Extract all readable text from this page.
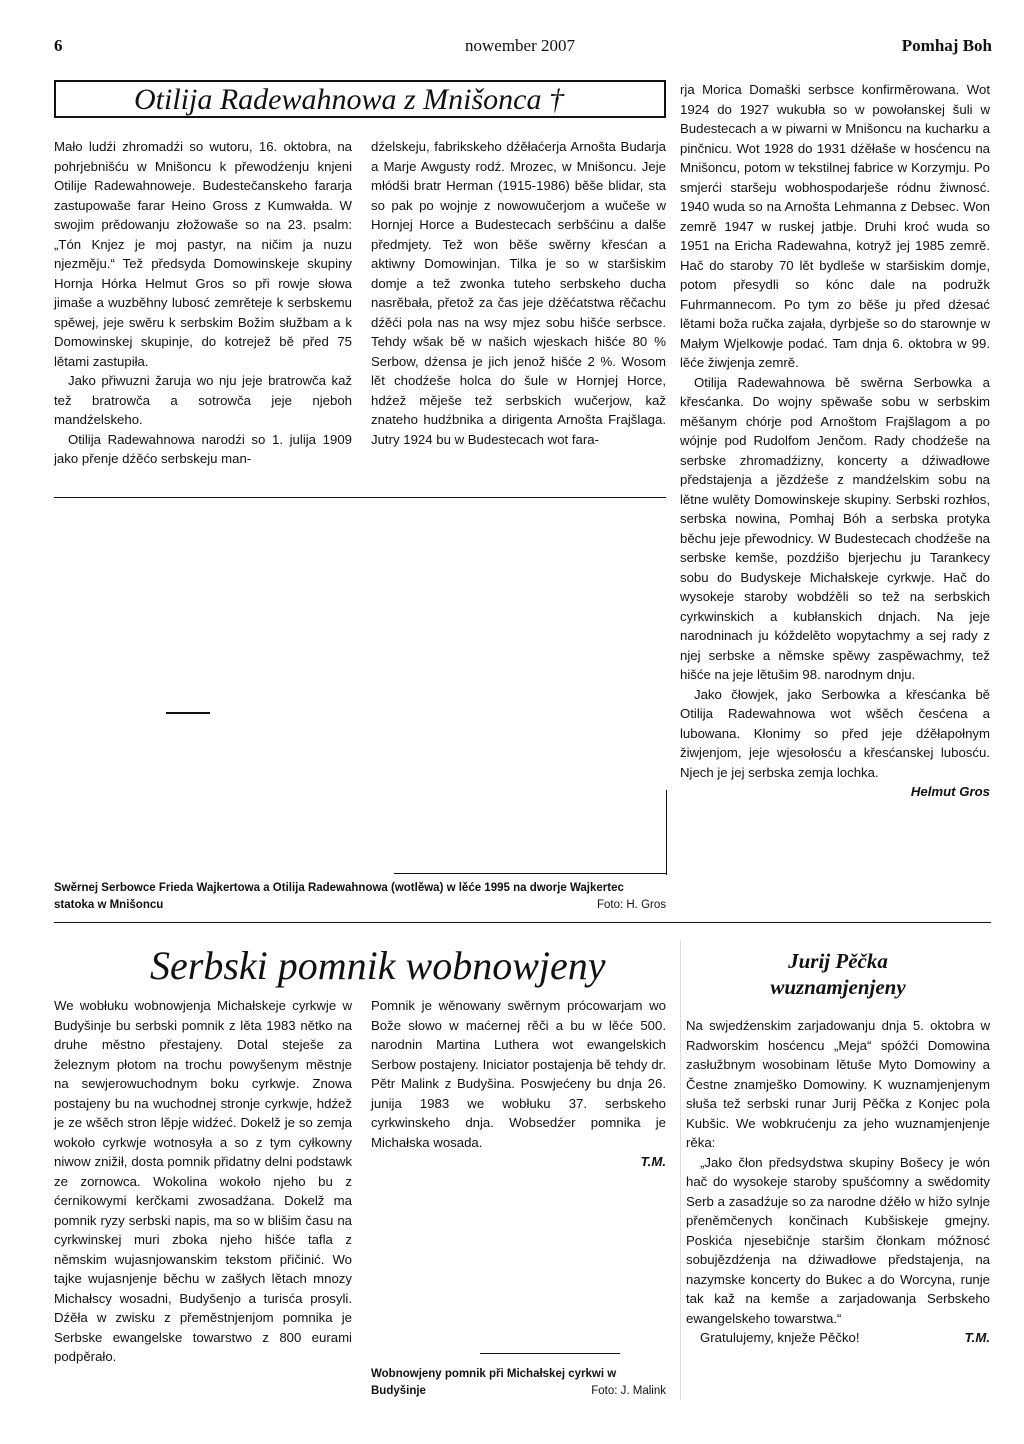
6	nowember 2007	Pomhaj Boh
Otilija Radewahnowa z Mnišonca †

Mało ludźi zhromadźi so wutoru, 16. oktobra, na pohrjebnišću w Mnišoncu k přewodźenju knjeni Otilije Radewahnoweje. Budestečanskeho fararja zastupowaše farar Heino Gross z Kumwałda. W swojim prědowanju złožowaše so na 23. psalm: „Tón Knjez je moj pastyr, na ničim ja nuzu njezměju.“ Tež předsyda Domowinskeje skupiny Hornja Hórka Helmut Gros so při rowje słowa jimaše a wuzběhny lubosć zemrěteje k serbskemu spěwej, jeje swěru k serbskim Božim słužbam a k Domowinskej skupinje, do kotrejež bě před 75 lětami zastupiła.

Jako přiwuzni žaruja wo nju jeje bratrowča kaž tež bratrowča a sotrowča jeje njeboh mandźelskeho.

Otilija Radewahnowa narodźi so 1. julija 1909 jako přenje dźěćo serbskeju man-

dźelskeju, fabrikskeho dźěłaćerja Arnošta Budarja a Marje Awgusty rodź. Mrozec, w Mnišoncu. Jeje młódši bratr Herman (1915-1986) běše blidar, sta so pak po wojnje z nowowučerjom a wučeše w Hornjej Horce a Budestecach serbšćinu a dalše předmjety. Tež won běše swěrny křesćan a aktiwny Domowinjan. Tilka je so w staršiskim domje a tež zwonka tuteho serbskeho ducha nasrěbała, přetož za čas jeje dźěćatstwa rěčachu dźěći pola nas na wsy mjez sobu hišće serbsce. Tehdy wšak bě w našich wjeskach hišće 80 % Serbow, dźensa je jich jenož hišće 2 %. Wosom lět chodźeše holca do šule w Hornjej Horce, hdźež měješe tež serbskich wučerjow, kaž znateho hudźbnika a dirigenta Arnošta Frajšlaga. Jutry 1924 bu w Budestecach wot fara-

Swěrnej Serbowce Frieda Wajkertowa a Otilija Radewahnowa (wotlěwa) w lěće 1995 na dworje Wajkertec statoka w Mnišoncu	Foto: H. Gros

rja Morica Domaški serbsce konfirměrowana. Wot 1924 do 1927 wukubła so w powołanskej šuli w Budestecach a w piwarni w Mnišoncu na kucharku a pinčnicu. Wot 1928 do 1931 dźěłaše w hosćencu na Mnišoncu, potom w tekstilnej fabrice w Korzymju. Po smjerći staršeju wobhospodarješe ródnu žiwnosć. 1940 wuda so na Arnošta Lehmanna z Debsec. Won zemrě 1947 w ruskej jatbje. Druhi kroć wuda so 1951 na Ericha Radewahna, kotryž jej 1985 zemrě. Hač do staroby 70 lět bydleše w staršiskim domje, potom přesydli so kónc dale na podružk Fuhrmannecom. Po tym zo běše ju před dźesać lětami boža ručka zajała, dyrbješe so do starownje w Małym Wjelkowje podać. Tam dnja 6. oktobra w 99. lěće žiwjenja zemrě.

Otilija Radewahnowa bě swěrna Serbowka a křesćanka. Do wojny spěwaše sobu w serbskim měšanym chórje pod Arnoštom Frajšlagom a po wójnje pod Rudolfom Jenčom. Rady chodźeše na serbske zhromadźizny, koncerty a dźiwadłowe předstajenja a jězdźeše z mandźelskim sobu na lětne wulěty Domowinskeje skupiny. Serbski rozhłos, serbska nowina, Pomhaj Bóh a serbska protyka běchu jeje přewodnicy. W Budestecach chodźeše na serbske kemše, pozdźišo bjerjechu ju Tarankecy sobu do Budyskeje Michałskeje cyrkwje. Hač do wysokeje staroby wobdźěli so tež na serbskich cyrkwinskich a kubłanskich dnjach. Na jeje narodninach ju kóždelěto wopytachmy a sej rady z njej serbske a němske spěwy zaspěwachmy, tež hišće na jeje lětušim 98. narodnym dnju.

Jako čłowjek, jako Serbowka a křesćanka bě Otilija Radewahnowa wot wšěch česćena a lubowana. Kłonimy so před jeje dźěłapołnym žiwjenjom, jeje wjesołosću a křesćanskej lubosću. Njech je jej serbska zemja lochka.

Helmut Gros
Serbski pomnik wobnowjeny

We wobłuku wobnowjenja Michałskeje cyrkwje w Budyšinje bu serbski pomnik z lěta 1983 nětko na druhe městno přestajeny. Dotal steješe za železnym płotom na trochu powyšenym městnje na sewjerowuchodnym boku cyrkwje. Znowa postajeny bu na wuchodnej stronje cyrkwje, hdźež je ze wšěch stron lěpje widźeć. Dokelž je so zemja wokoło cyrkwje wotnosyła a so z tym cyłkowny niwow znižił, dosta pomnik přidatny delni podstawk ze zornowca. Wokolina wokoło njeho bu z ćernikowymi kerčkami zwosadźana. Dokelž ma pomnik ryzy serbski napis, ma so w blišim času na cyrkwinskej muri zboka njeho hišće tafla z němskim wujasnjowanskim tekstom přičinić. Wo tajke wujasnjenje běchu w zašłych lětach mnozy Michałscy wosadni, Budyšenjo a turisća prosyli. Dźěła w zwisku z přeměstnjenjom pomnika je Serbske ewangelske towarstwo z 800 eurami podpěrało.

Pomnik je wěnowany swěrnym prócowarjam wo Bože słowo w maćernej rěči a bu w lěće 500. narodnin Martina Luthera wot ewangelskich Serbow postajeny. Iniciator postajenja bě tehdy dr. Pětr Malink z Budyšina. Poswjećeny bu dnja 26. junija 1983 we wobłuku 37. serbskeho cyrkwinskeho dnja. Wobsedźer pomnika je Michałska wosada.

T.M.
Wobnowjeny pomnik při Michałskej cyrkwi w Budyšinje	Foto: J. Malink
Jurij Pěčka
wuznamjenjeny

Na swjedźenskim zarjadowanju dnja 5. oktobra w Radworskim hosćencu „Meja“ spóžći Domowina zasłužbnym wosobinam lětuše Myto Domowiny a Čestne znamješko Domowiny. K wuznamjenjenym słuša tež serbski runar Jurij Pěčka z Konjec pola Kubšic. We wobkrućenju za jeho wuznamjenjenje rěka:

„Jako čłon předsydstwa skupiny Bošecy je wón hač do wysokeje staroby spušćomny a swědomity Serb a zasadźuje so za narodne dźěło w hižo sylnje přeněmčenych končinach Kubšiskeje gmejny. Poskića njesebičnje staršim čłonkam móžnosć sobujězdźenja na dźiwadłowe předstajenja, na nazymske koncerty do Bukec a do Worcyna, runje tak kaž na kemše a zarjadowanja Serbskeho ewangelskeho towarstwa.“

Gratulujemy, knježe Pěčko!	T.M.
